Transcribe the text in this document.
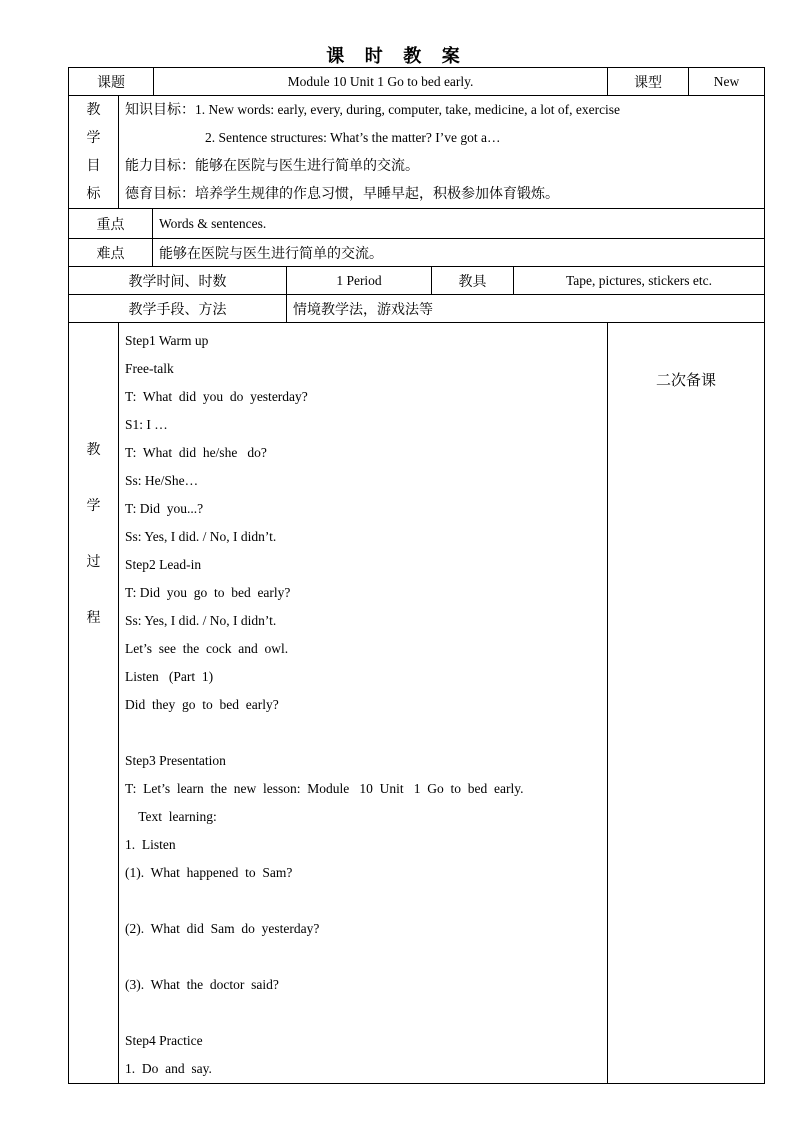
课 时 教 案
课题	Module 10 Unit 1 Go to bed early.	课型	New
教
学
目
标

知识目标：1. New words: early, every, during, computer, take, medicine, a lot of, exercise
2. Sentence structures: What’s the matter? I’ve got a…
能力目标：能够在医院与医生进行简单的交流。
德育目标：培养学生规律的作息习惯，早睡早起，积极参加体育锻炼。
重点	Words & sentences.
难点	能够在医院与医生进行简单的交流。
教学时间、时数	1 Period	教具	Tape, pictures, stickers etc.
教学手段、方法	情境教学法，游戏法等		
教
学
过
程

Step1 Warm up
Free-talk
T:  What  did  you  do  yesterday?
S1: I …
T:  What  did  he/she   do?
Ss: He/She…
T: Did  you...?
Ss: Yes, I did. / No, I didn’t.
Step2 Lead-in
T: Did  you  go  to  bed  early?
Ss: Yes, I did. / No, I didn’t.
Let’s  see  the  cock  and  owl.
Listen   (Part  1)
Did  they  go  to  bed  early?
Step3 Presentation
T:  Let’s  learn  the  new  lesson:  Module   10  Unit   1  Go  to  bed  early.
Text  learning:
1.  Listen
(1).  What  happened  to  Sam?
(2).  What  did  Sam  do  yesterday?
(3).  What  the  doctor  said?
Step4 Practice
1.  Do  and  say.

二次备课
